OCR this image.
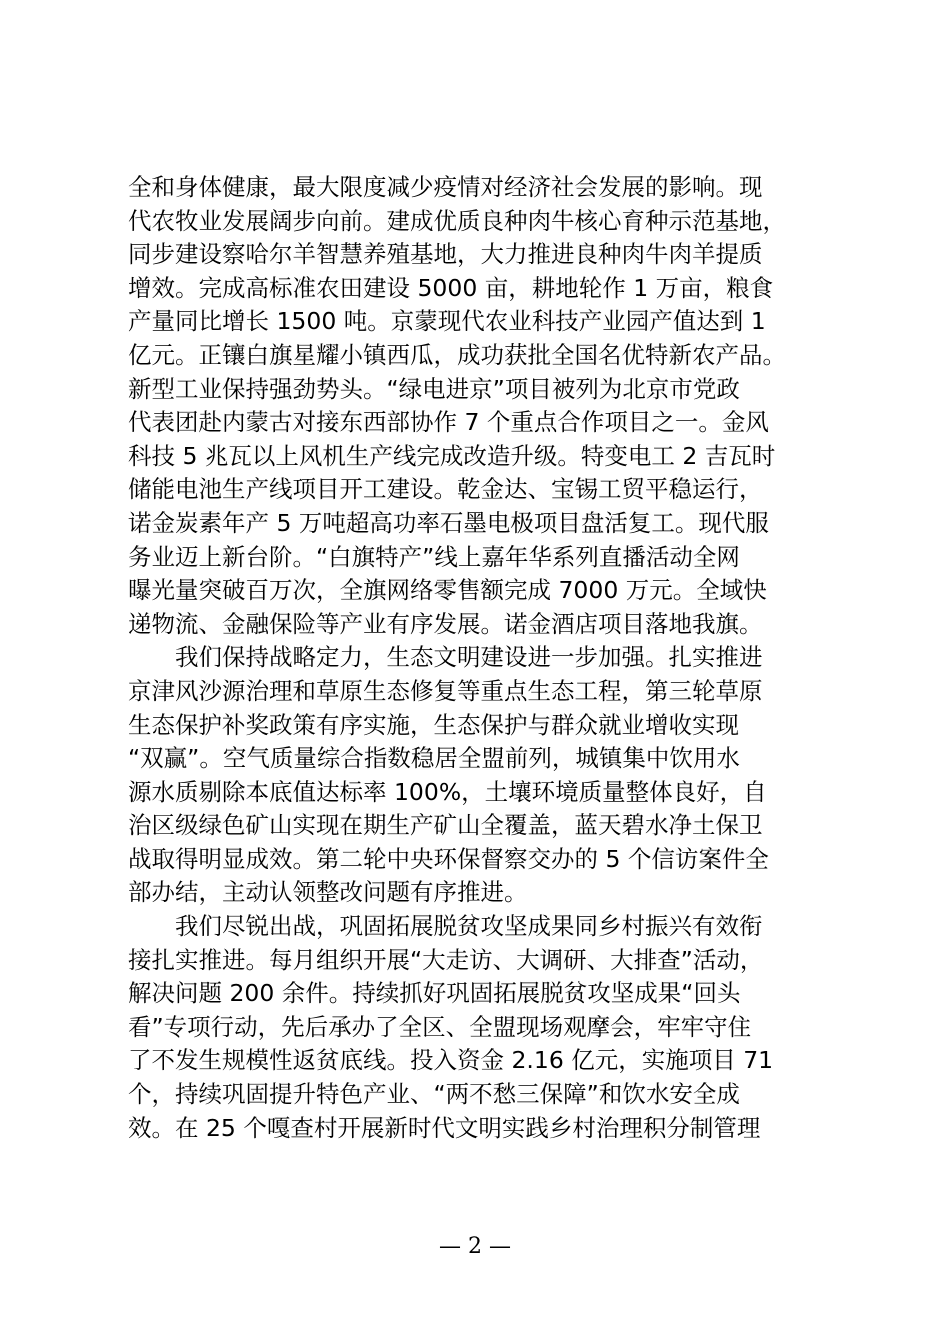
全和身体健康，最大限度减少疫情对经济社会发展的影响。现
代农牧业发展阔步向前。建成优质良种肉牛核心育种示范基地，
同步建设察哈尔羊智慧养殖基地，大力推进良种肉牛肉羊提质
增效。完成高标准农田建设 5000 亩，耕地轮作 1 万亩，粮食
产量同比增长 1500 吨。京蒙现代农业科技产业园产值达到 1
亿元。正镶白旗星耀小镇西瓜，成功获批全国名优特新农产品。
新型工业保持强劲势头。“绿电进京”项目被列为北京市党政
代表团赴内蒙古对接东西部协作 7 个重点合作项目之一。金风
科技 5 兆瓦以上风机生产线完成改造升级。特变电工 2 吉瓦时
储能电池生产线项目开工建设。乾金达、宝锡工贸平稳运行，
诺金炭素年产 5 万吨超高功率石墨电极项目盘活复工。现代服
务业迈上新台阶。“白旗特产”线上嘉年华系列直播活动全网
曝光量突破百万次，全旗网络零售额完成 7000 万元。全域快
递物流、金融保险等产业有序发展。诺金酒店项目落地我旗。
　　我们保持战略定力，生态文明建设进一步加强。扎实推进
京津风沙源治理和草原生态修复等重点生态工程，第三轮草原
生态保护补奖政策有序实施，生态保护与群众就业增收实现
“双赢”。空气质量综合指数稳居全盟前列，城镇集中饮用水
源水质剔除本底值达标率 100%，土壤环境质量整体良好，自
治区级绿色矿山实现在期生产矿山全覆盖，蓝天碧水净土保卫
战取得明显成效。第二轮中央环保督察交办的 5 个信访案件全
部办结，主动认领整改问题有序推进。
　　我们尽锐出战，巩固拓展脱贫攻坚成果同乡村振兴有效衔
接扎实推进。每月组织开展“大走访、大调研、大排查”活动，
解决问题 200 余件。持续抓好巩固拓展脱贫攻坚成果“回头
看”专项行动，先后承办了全区、全盟现场观摩会，牢牢守住
了不发生规模性返贫底线。投入资金 2.16 亿元，实施项目 71
个，持续巩固提升特色产业、“两不愁三保障”和饮水安全成
效。在 25 个嘎查村开展新时代文明实践乡村治理积分制管理
— 2 —
